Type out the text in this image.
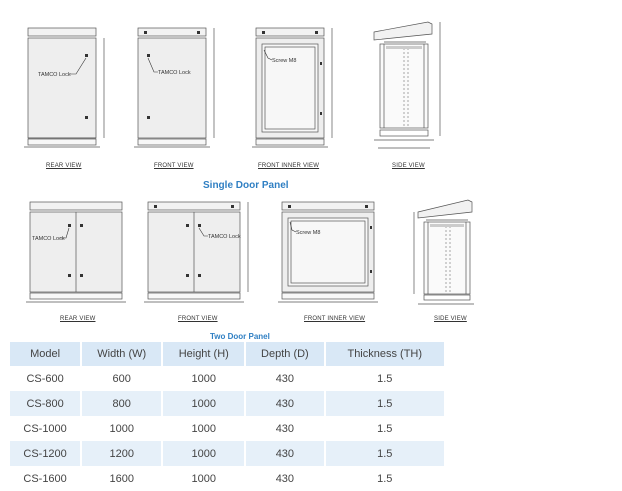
TAMCO Lock
REAR VIEW
TAMCO Lock
FRONT VIEW
Screw M8
FRONT INNER VIEW	SIDE VIEW
Single Door Panel
TAMCO Lock
REAR VIEW
TAMCO Lock
FRONT VIEW
Screw M8
FRONT INNER VIEW	SIDE VIEW
Two Door Panel
Model	Width (W)	Height (H)	Depth (D)	Thickness (TH)
CS-600	600	1000	430	1.5
CS-800	800	1000	430	1.5
CS-1000	1000	1000	430	1.5
CS-1200	1200	1000	430	1.5
CS-1600	1600	1000	430	1.5
